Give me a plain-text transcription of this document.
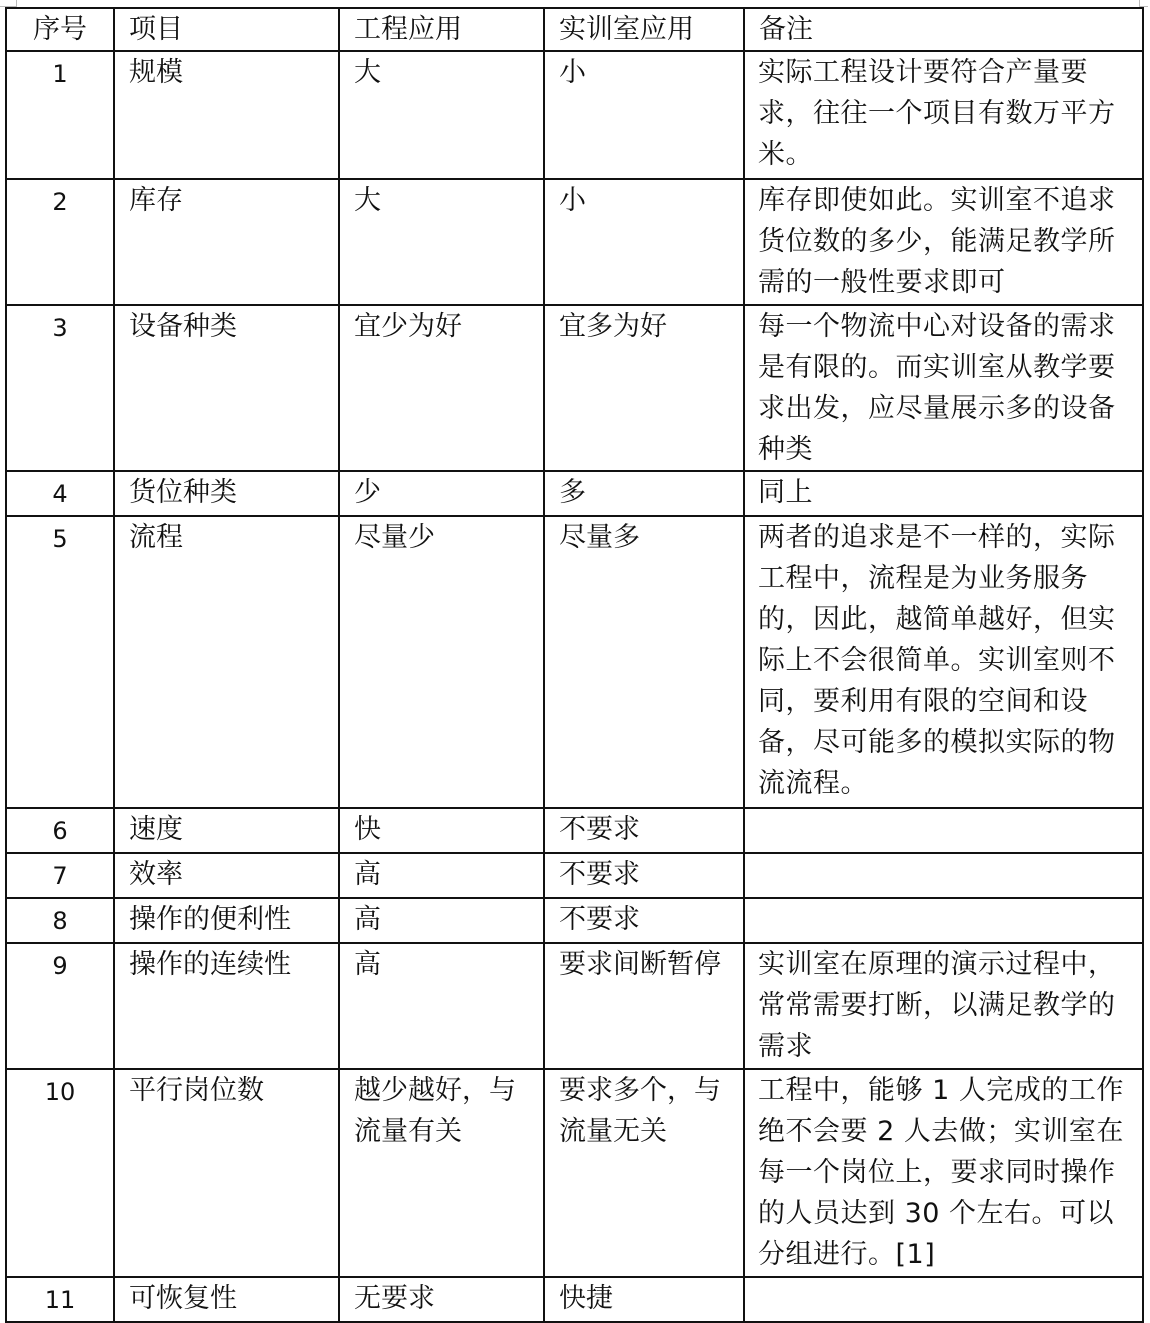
序号	项目	工程应用	实训室应用	备注
1	规模	大	小	实际工程设计要符合产量要求，往往一个项目有数万平方米。
2	库存	大	小	库存即使如此。实训室不追求货位数的多少，能满足教学所需的一般性要求即可
3	设备种类	宜少为好	宜多为好	每一个物流中心对设备的需求是有限的。而实训室从教学要求出发，应尽量展示多的设备种类
4	货位种类	少	多	同上
5	流程	尽量少	尽量多	两者的追求是不一样的，实际工程中，流程是为业务服务的，因此，越简单越好，但实际上不会很简单。实训室则不同，要利用有限的空间和设备，尽可能多的模拟实际的物流流程。
6	速度	快	不要求	
7	效率	高	不要求	
8	操作的便利性	高	不要求	
9	操作的连续性	高	要求间断暂停	实训室在原理的演示过程中，常常需要打断，以满足教学的需求
10	平行岗位数	越少越好，与流量有关	要求多个，与流量无关	工程中，能够 1 人完成的工作绝不会要 2 人去做；实训室在每一个岗位上，要求同时操作的人员达到 30 个左右。可以分组进行。[1]
11	可恢复性	无要求	快捷	
